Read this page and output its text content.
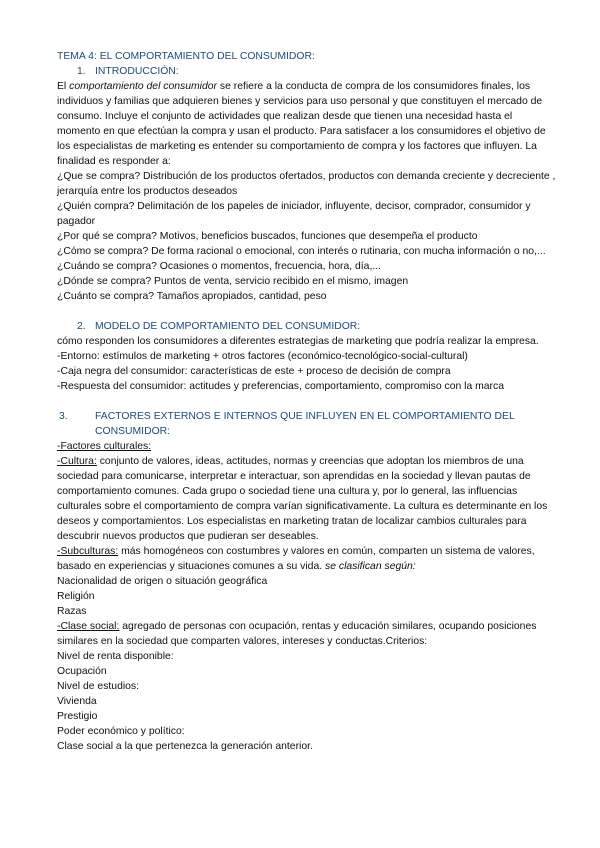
TEMA 4: EL COMPORTAMIENTO DEL CONSUMIDOR:

1. INTRODUCCIÓN:

El comportamiento del consumidor se refiere a la conducta de compra de los consumidores finales, los individuos y familias que adquieren bienes y servicios para uso personal y que constituyen el mercado de consumo. Incluye el conjunto de actividades que realizan desde que tienen una necesidad hasta el momento en que efectúan la compra y usan el producto. Para satisfacer a los consumidores el objetivo de los especialistas de marketing es entender su comportamiento de compra y los factores que influyen. La finalidad es responder a:

¿Que se compra? Distribución de los productos ofertados, productos con demanda creciente y decreciente , jerarquía entre los productos deseados

¿Quién compra? Delimitación de los papeles de iniciador, influyente, decisor, comprador, consumidor y pagador

¿Por qué se compra? Motivos, beneficios buscados, funciones que desempeña el producto

¿Cómo se compra? De forma racional o emocional, con interés o rutinaria, con mucha información o no,...

¿Cuándo se compra? Ocasiones o momentos, frecuencia, hora, día,...

¿Dónde se compra? Puntos de venta, servicio recibido en el mismo, imagen

¿Cuánto se compra? Tamaños apropiados, cantidad, peso

2. MODELO DE COMPORTAMIENTO DEL CONSUMIDOR:

cómo responden los consumidores a diferentes estrategias de marketing que podría realizar la empresa.

-Entorno: estímulos de marketing + otros factores (económico-tecnológico-social-cultural)

-Caja negra del consumidor: características de este + proceso de decisión de compra

-Respuesta del consumidor: actitudes y preferencias, comportamiento, compromiso con la marca

3.	FACTORES EXTERNOS E INTERNOS QUE INFLUYEN EN EL COMPORTAMIENTO DEL CONSUMIDOR:

-Factores culturales:

-Cultura: conjunto de valores, ideas, actitudes, normas y creencias que adoptan los miembros de una sociedad para comunicarse, interpretar e interactuar, son aprendidas en la sociedad y llevan pautas de comportamiento comunes. Cada grupo o sociedad tiene una cultura y, por lo general, las influencias culturales sobre el comportamiento de compra varían significativamente. La cultura es determinante en los deseos y comportamientos. Los especialistas en marketing tratan de localizar cambios culturales para descubrir nuevos productos que pudieran ser deseables.

-Subculturas: más homogéneos con costumbres y valores en común, comparten un sistema de valores, basado en experiencias y situaciones comunes a su vida. se clasifican según:

Nacionalidad de origen o situación geográfica

Religión

Razas

-Clase social: agregado de personas con ocupación, rentas y educación similares, ocupando posiciones similares en la sociedad que comparten valores, intereses y conductas.Criterios:

Nivel de renta disponible:

Ocupación

Nivel de estudios:

Vivienda

Prestigio

Poder económico y político:

Clase social a la que pertenezca la generación anterior.
